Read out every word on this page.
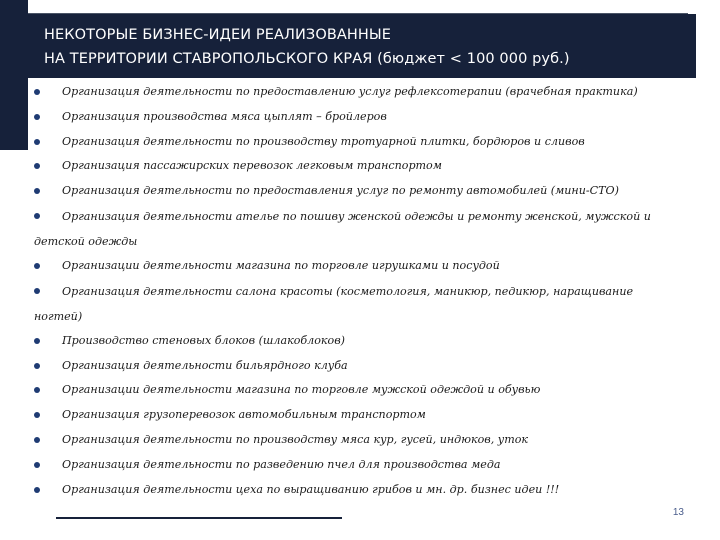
НЕКОТОРЫЕ БИЗНЕС-ИДЕИ РЕАЛИЗОВАННЫЕ
НА ТЕРРИТОРИИ СТАВРОПОЛЬСКОГО КРАЯ (бюджет < 100 000 руб.)
Организация деятельности по предоставлению услуг рефлексотерапии (врачебная практика)
Организация производства мяса цыплят – бройлеров
Организация деятельности по производству тротуарной плитки, бордюров и сливов
Организация пассажирских перевозок легковым транспортом
Организация деятельности по предоставления услуг по ремонту автомобилей (мини-СТО)
Организация деятельности ателье по пошиву женской одежды и ремонту женской, мужской и
детской одежды
Организации деятельности магазина по торговле игрушками и посудой
Организация деятельности салона красоты (косметология, маникюр, педикюр, наращивание
ногтей)
Производство стеновых блоков (шлакоблоков)
Организация деятельности бильярдного клуба
Организации деятельности магазина по торговле мужской одеждой и обувью
Организация грузоперевозок автомобильным транспортом
Организация деятельности по производству мяса кур, гусей, индюков, уток
Организация деятельности по разведению пчел для производства меда
Организация деятельности цеха по выращиванию грибов и мн. др. бизнес идеи !!!
13
